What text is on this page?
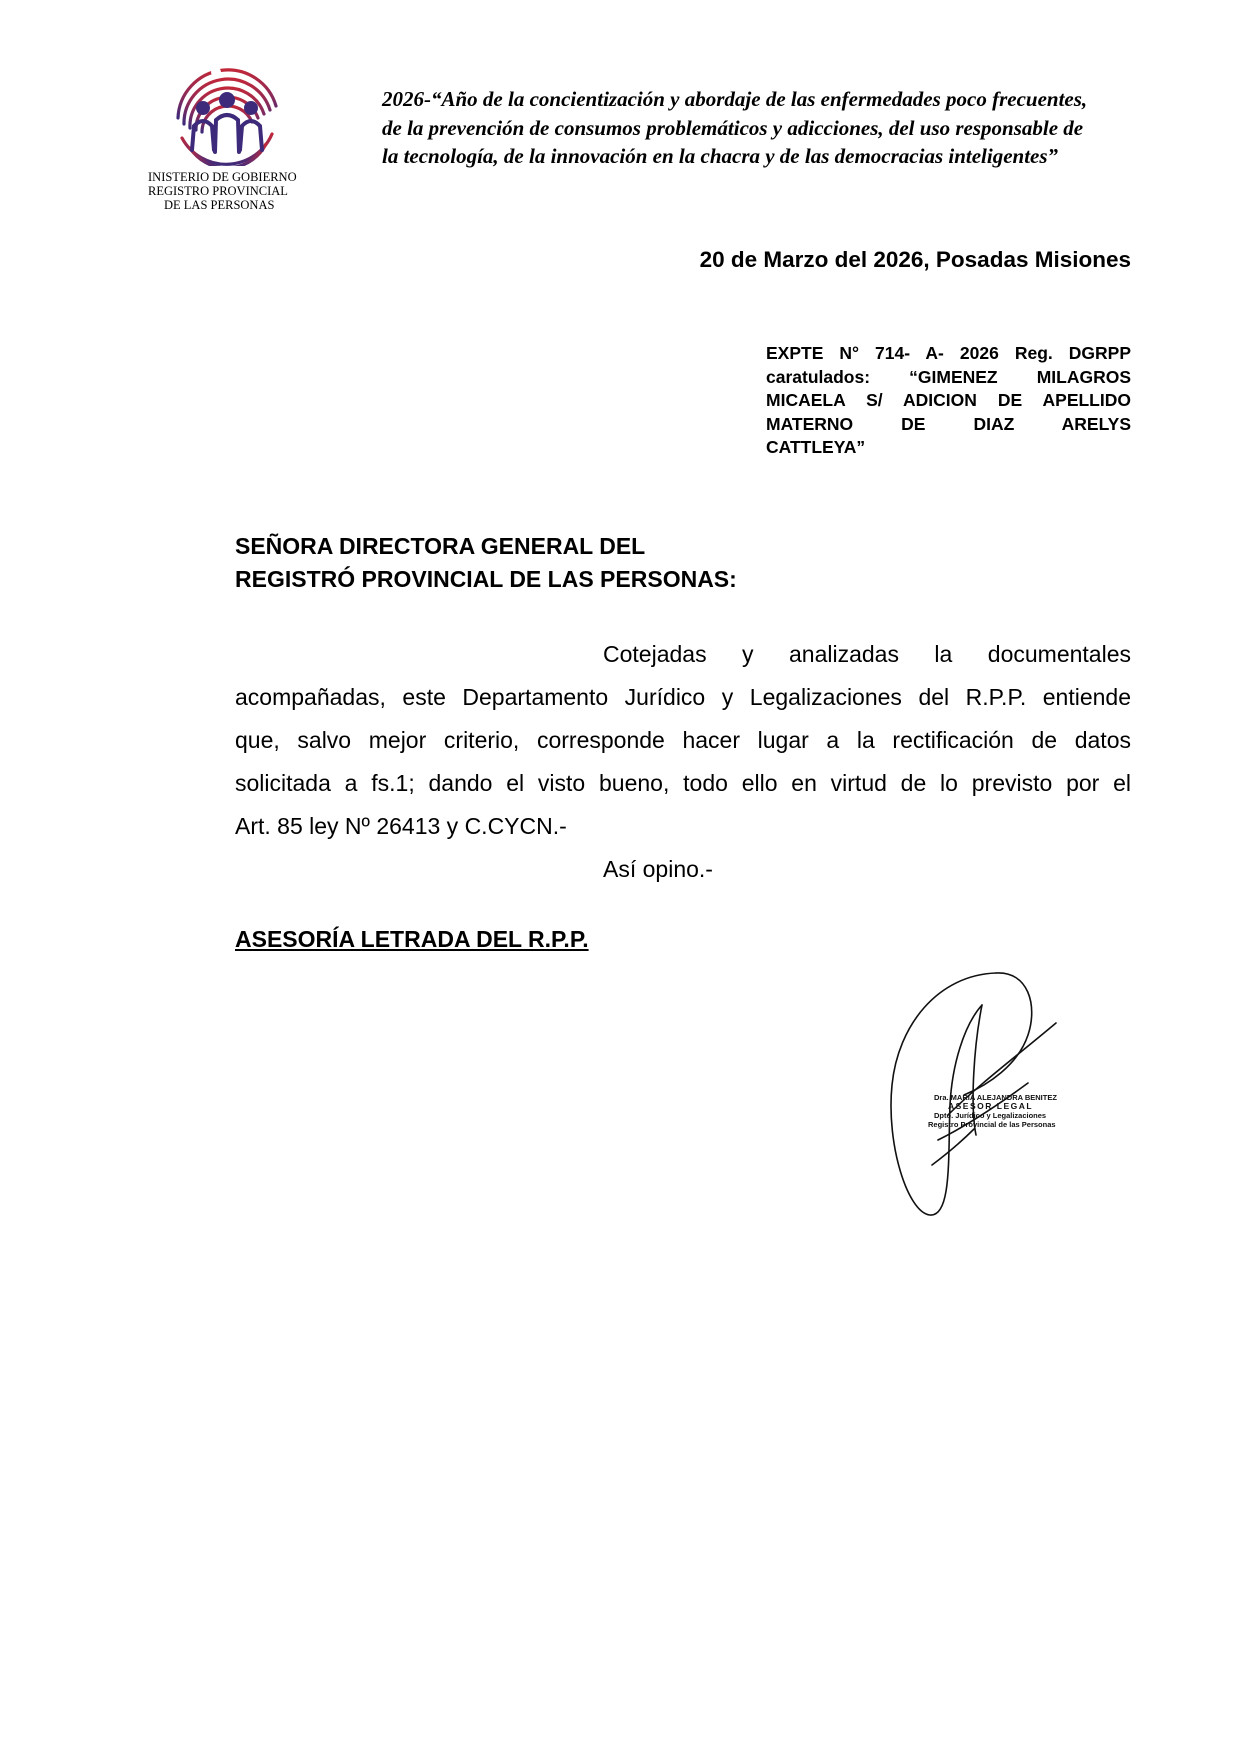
INISTERIO DE GOBIERNO
REGISTRO PROVINCIAL
DE LAS PERSONAS
2026-“Año de la concientización y abordaje de las enfermedades poco frecuentes,
de la prevención de consumos problemáticos y adicciones, del uso responsable de
la tecnología, de la innovación en la chacra y de las democracias inteligentes”
20 de Marzo del 2026, Posadas Misiones
EXPTE N° 714- A- 2026 Reg. DGRPP
caratulados: “GIMENEZ MILAGROS
MICAELA S/ ADICION DE APELLIDO
MATERNO DE DIAZ ARELYS
CATTLEYA”
SEÑORA DIRECTORA GENERAL DEL
REGISTRÓ PROVINCIAL DE LAS PERSONAS:
Cotejadas y analizadas la documentales
acompañadas, este Departamento Jurídico y Legalizaciones del R.P.P. entiende
que, salvo mejor criterio, corresponde hacer lugar a la rectificación de datos
solicitada a fs.1; dando el visto bueno, todo ello en virtud de lo previsto por el
Art. 85 ley Nº 26413 y C.CYCN.-
Así opino.-
ASESORÍA LETRADA DEL R.P.P.
Dra. MARIA ALEJANDRA BENITEZ
ASESOR LEGAL
Dpto. Jurídico y Legalizaciones
Registro Provincial de las Personas
